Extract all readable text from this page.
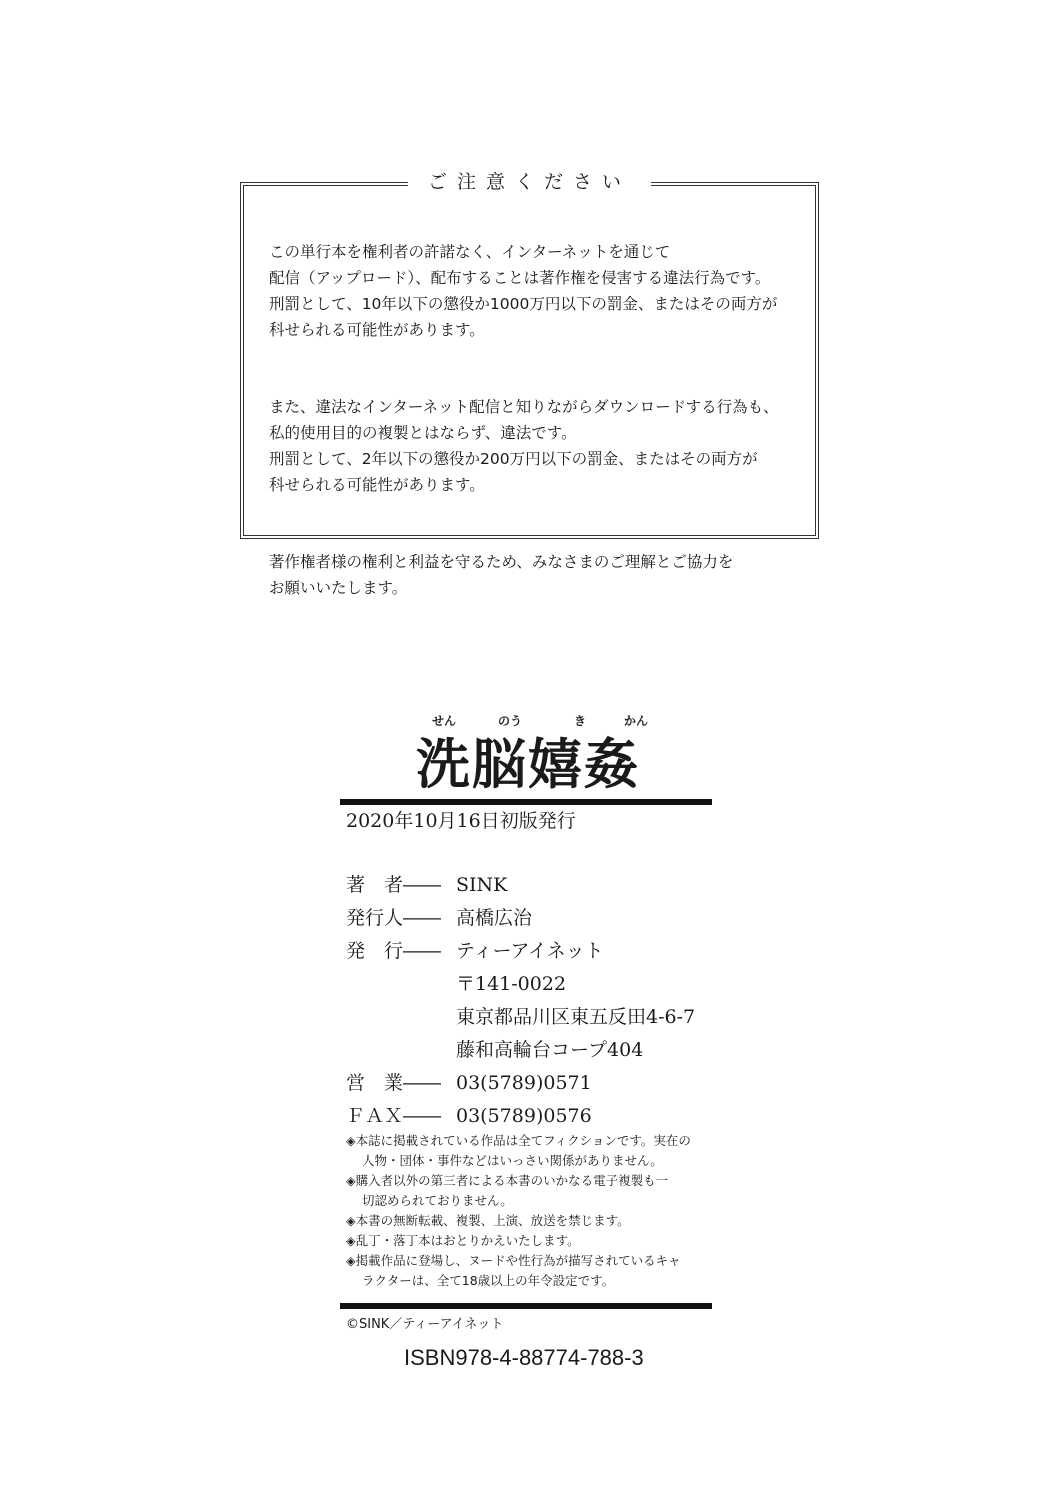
ご注意ください

この単行本を権利者の許諾なく、インターネットを通じて
配信（アップロード）、配布することは著作権を侵害する違法行為です。
刑罰として、10年以下の懲役か1000万円以下の罰金、またはその両方が
科せられる可能性があります。

また、違法なインターネット配信と知りながらダウンロードする行為も、
私的使用目的の複製とはならず、違法です。
刑罰として、2年以下の懲役か200万円以下の罰金、またはその両方が
科せられる可能性があります。

著作権者様の権利と利益を守るため、みなさまのご理解とご協力を
お願いいたします。

せん	のう	き	かん
洗脳嬉姦
2020年10月16日初版発行
著　者―― SINK
発行人―― 高橋広治
発　行―― ティーアイネット
〒141-0022
東京都品川区東五反田4-6-7
藤和高輪台コープ404
営　業―― 03(5789)0571
ＦＡＸ―― 03(5789)0576

◈本誌に掲載されている作品は全てフィクションです。実在の

人物・団体・事件などはいっさい関係がありません。

◈購入者以外の第三者による本書のいかなる電子複製も一

切認められておりません。

◈本書の無断転載、複製、上演、放送を禁じます。

◈乱丁・落丁本はおとりかえいたします。

◈掲載作品に登場し、ヌードや性行為が描写されているキャ

ラクターは、全て18歳以上の年令設定です。

©SINK／ティーアイネット
ISBN978-4-88774-788-3
